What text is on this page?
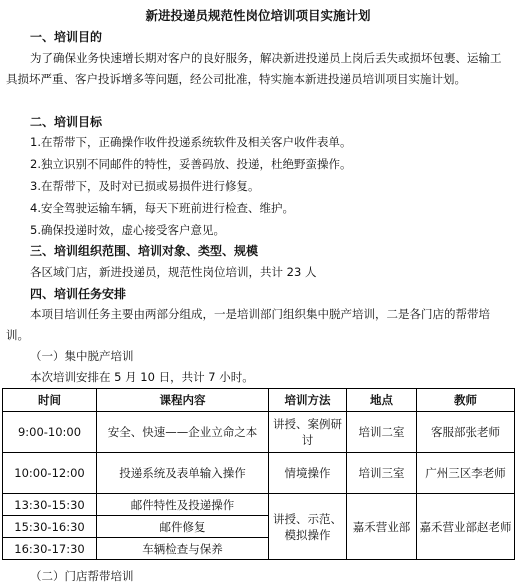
新进投递员规范性岗位培训项目实施计划
一、培训目的
为了确保业务快速增长期对客户的良好服务，解决新进投递员上岗后丢失或损坏包裹、运输工具损坏严重、客户投诉增多等问题，经公司批准，特实施本新进投递员培训项目实施计划。
二、培训目标
1.在帮带下，正确操作收件投递系统软件及相关客户收件表单。
2.独立识别不同邮件的特性，妥善码放、投递，杜绝野蛮操作。
3.在帮带下，及时对已损或易损件进行修复。
4.安全驾驶运输车辆，每天下班前进行检查、维护。
5.确保投递时效，虚心接受客户意见。
三、培训组织范围、培训对象、类型、规模
各区域门店，新进投递员，规范性岗位培训，共计 23 人
四、培训任务安排
本项目培训任务主要由两部分组成，一是培训部门组织集中脱产培训，二是各门店的帮带培训。
（一）集中脱产培训
本次培训安排在 5 月 10 日，共计 7 小时。
时间	课程内容	培训方法	地点	教师
9:00-10:00	安全、快速——企业立命之本	讲授、案例研讨	培训二室	客服部张老师
10:00-12:00	投递系统及表单输入操作	情境操作	培训三室	广州三区李老师
13:30-15:30	邮件特性及投递操作	讲授、示范、模拟操作	嘉禾营业部	嘉禾营业部赵老师
15:30-16:30	邮件修复			
16:30-17:30	车辆检查与保养			
（二）门店帮带培训
